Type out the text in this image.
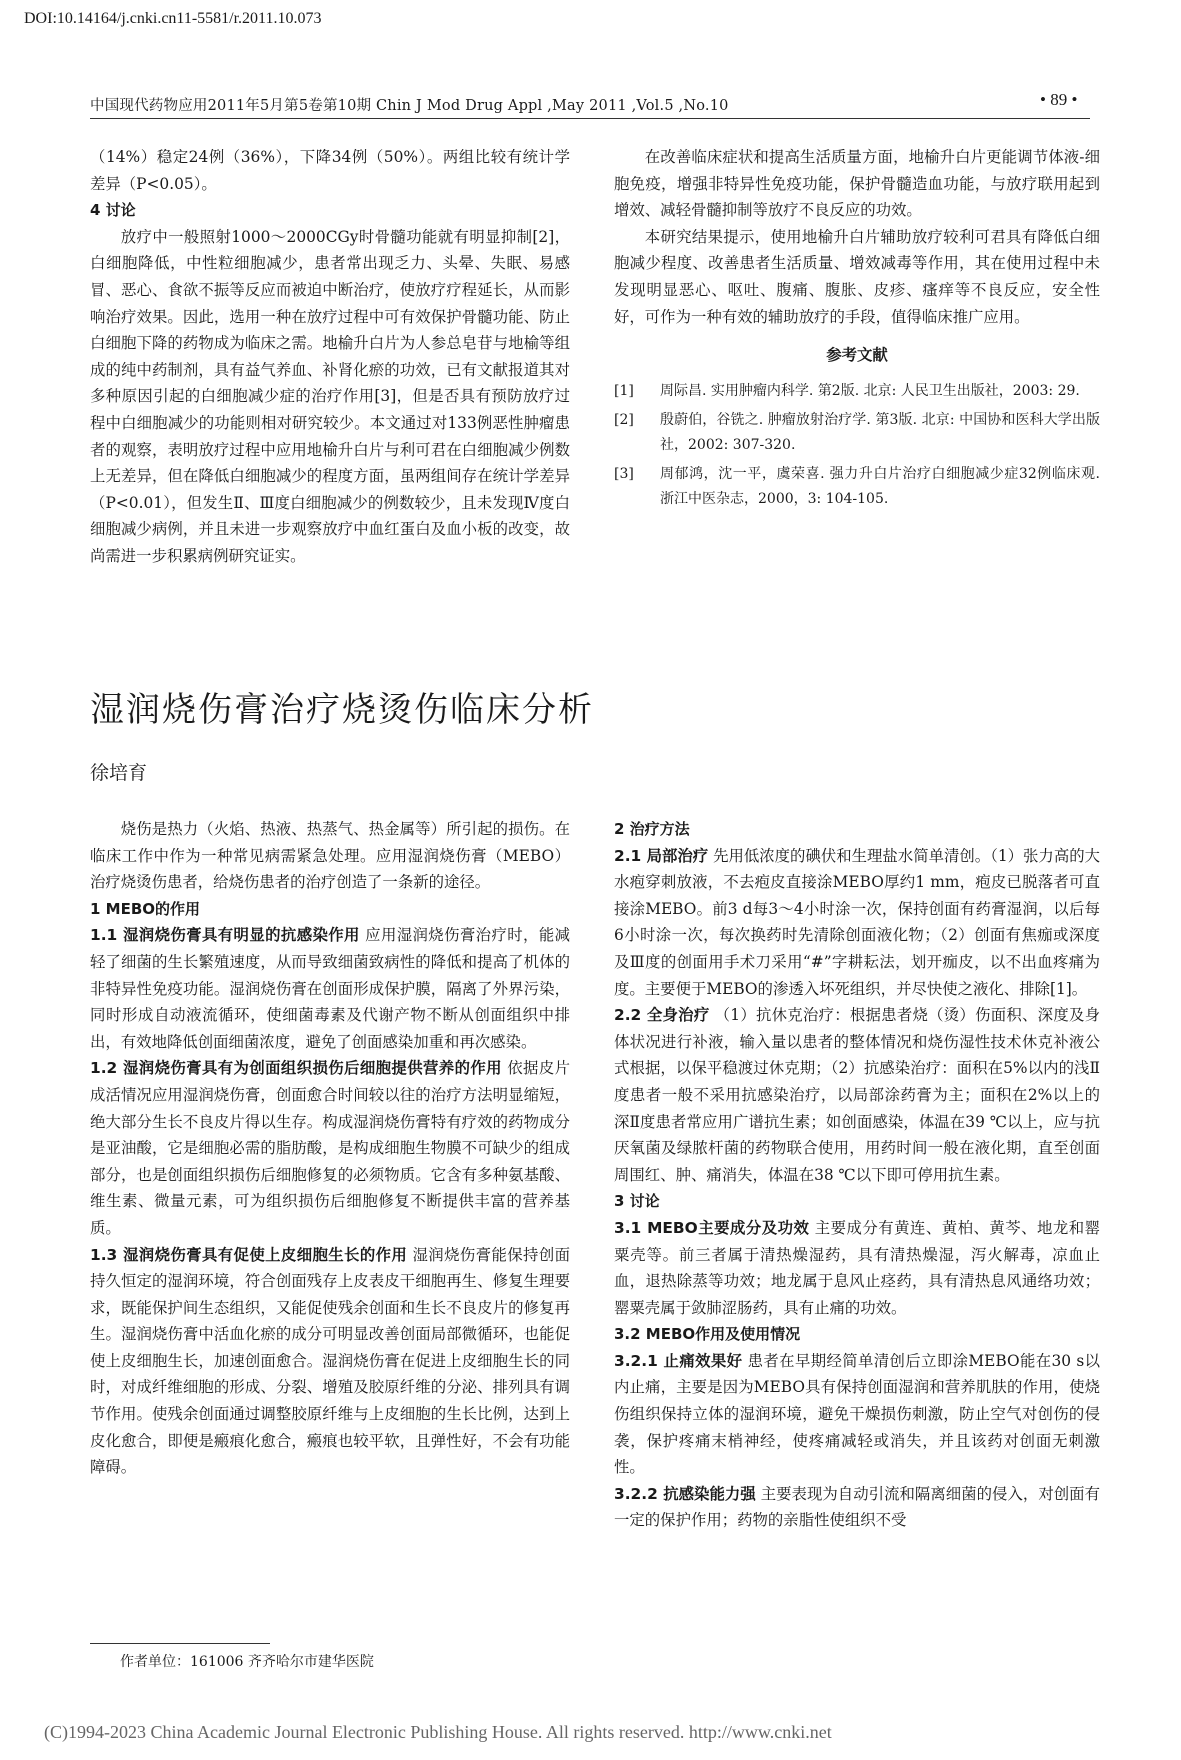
DOI:10.14164/j.cnki.cn11-5581/r.2011.10.073
中国现代药物应用2011年5月第5卷第10期 Chin J Mod Drug Appl ,May 2011 ,Vol.5 ,No.10	• 89 •

（14%）稳定24例（36%），下降34例（50%）。两组比较有统计学差异（P<0.05）。

4 讨论

放疗中一般照射1000～2000CGy时骨髓功能就有明显抑制[2]，白细胞降低，中性粒细胞减少，患者常出现乏力、头晕、失眠、易感冒、恶心、食欲不振等反应而被迫中断治疗，使放疗疗程延长，从而影响治疗效果。因此，选用一种在放疗过程中可有效保护骨髓功能、防止白细胞下降的药物成为临床之需。地榆升白片为人参总皂苷与地榆等组成的纯中药制剂，具有益气养血、补肾化瘀的功效，已有文献报道其对多种原因引起的白细胞减少症的治疗作用[3]，但是否具有预防放疗过程中白细胞减少的功能则相对研究较少。本文通过对133例恶性肿瘤患者的观察，表明放疗过程中应用地榆升白片与利可君在白细胞减少例数上无差异，但在降低白细胞减少的程度方面，虽两组间存在统计学差异（P<0.01），但发生Ⅱ、Ⅲ度白细胞减少的例数较少，且未发现Ⅳ度白细胞减少病例，并且未进一步观察放疗中血红蛋白及血小板的改变，故尚需进一步积累病例研究证实。

在改善临床症状和提高生活质量方面，地榆升白片更能调节体液-细胞免疫，增强非特异性免疫功能，保护骨髓造血功能，与放疗联用起到增效、减轻骨髓抑制等放疗不良反应的功效。

本研究结果提示，使用地榆升白片辅助放疗较利可君具有降低白细胞减少程度、改善患者生活质量、增效减毒等作用，其在使用过程中未发现明显恶心、呕吐、腹痛、腹胀、皮疹、瘙痒等不良反应，安全性好，可作为一种有效的辅助放疗的手段，值得临床推广应用。

参考文献

[1]	周际昌. 实用肿瘤内科学. 第2版. 北京: 人民卫生出版社，2003: 29.
[2]	殷蔚伯，谷铣之. 肿瘤放射治疗学. 第3版. 北京: 中国协和医科大学出版社，2002: 307-320.
[3]	周郁鸿，沈一平，虞荣喜. 强力升白片治疗白细胞减少症32例临床观. 浙江中医杂志，2000，3: 104-105.
湿润烧伤膏治疗烧烫伤临床分析
徐培育

烧伤是热力（火焰、热液、热蒸气、热金属等）所引起的损伤。在临床工作中作为一种常见病需紧急处理。应用湿润烧伤膏（MEBO）治疗烧烫伤患者，给烧伤患者的治疗创造了一条新的途径。

1 MEBO的作用

1.1 湿润烧伤膏具有明显的抗感染作用 应用湿润烧伤膏治疗时，能减轻了细菌的生长繁殖速度，从而导致细菌致病性的降低和提高了机体的非特异性免疫功能。湿润烧伤膏在创面形成保护膜，隔离了外界污染，同时形成自动液流循环，使细菌毒素及代谢产物不断从创面组织中排出，有效地降低创面细菌浓度，避免了创面感染加重和再次感染。

1.2 湿润烧伤膏具有为创面组织损伤后细胞提供营养的作用 依据皮片成活情况应用湿润烧伤膏，创面愈合时间较以往的治疗方法明显缩短，绝大部分生长不良皮片得以生存。构成湿润烧伤膏特有疗效的药物成分是亚油酸，它是细胞必需的脂肪酸，是构成细胞生物膜不可缺少的组成部分，也是创面组织损伤后细胞修复的必须物质。它含有多种氨基酸、维生素、微量元素，可为组织损伤后细胞修复不断提供丰富的营养基质。

1.3 湿润烧伤膏具有促使上皮细胞生长的作用 湿润烧伤膏能保持创面持久恒定的湿润环境，符合创面残存上皮表皮干细胞再生、修复生理要求，既能保护间生态组织，又能促使残余创面和生长不良皮片的修复再生。湿润烧伤膏中活血化瘀的成分可明显改善创面局部微循环，也能促使上皮细胞生长，加速创面愈合。湿润烧伤膏在促进上皮细胞生长的同时，对成纤维细胞的形成、分裂、增殖及胶原纤维的分泌、排列具有调节作用。使残余创面通过调整胶原纤维与上皮细胞的生长比例，达到上皮化愈合，即便是瘢痕化愈合，瘢痕也较平软，且弹性好，不会有功能障碍。

2 治疗方法

2.1 局部治疗 先用低浓度的碘伏和生理盐水简单清创。（1）张力高的大水疱穿刺放液，不去疱皮直接涂MEBO厚约1 mm，疱皮已脱落者可直接涂MEBO。前3 d每3～4小时涂一次，保持创面有药膏湿润，以后每6小时涂一次，每次换药时先清除创面液化物；（2）创面有焦痂或深度及Ⅲ度的创面用手术刀采用“#”字耕耘法，划开痂皮，以不出血疼痛为度。主要便于MEBO的渗透入坏死组织，并尽快使之液化、排除[1]。

2.2 全身治疗 （1）抗休克治疗：根据患者烧（烫）伤面积、深度及身体状况进行补液，输入量以患者的整体情况和烧伤湿性技术休克补液公式根据，以保平稳渡过休克期；（2）抗感染治疗：面积在5%以内的浅Ⅱ度患者一般不采用抗感染治疗，以局部涂药膏为主；面积在2%以上的深Ⅱ度患者常应用广谱抗生素；如创面感染，体温在39 ℃以上，应与抗厌氧菌及绿脓杆菌的药物联合使用，用药时间一般在液化期，直至创面周围红、肿、痛消失，体温在38 ℃以下即可停用抗生素。

3 讨论

3.1 MEBO主要成分及功效 主要成分有黄连、黄柏、黄芩、地龙和罂粟壳等。前三者属于清热燥湿药，具有清热燥湿，泻火解毒，凉血止血，退热除蒸等功效；地龙属于息风止痉药，具有清热息风通络功效；罂粟壳属于敛肺涩肠药，具有止痛的功效。

3.2 MEBO作用及使用情况

3.2.1 止痛效果好 患者在早期经简单清创后立即涂MEBO能在30 s以内止痛，主要是因为MEBO具有保持创面湿润和营养肌肤的作用，使烧伤组织保持立体的湿润环境，避免干燥损伤刺激，防止空气对创伤的侵袭，保护疼痛末梢神经，使疼痛减轻或消失，并且该药对创面无刺激性。

3.2.2 抗感染能力强 主要表现为自动引流和隔离细菌的侵入，对创面有一定的保护作用；药物的亲脂性使组织不受

作者单位：161006 齐齐哈尔市建华医院
(C)1994-2023 China Academic Journal Electronic Publishing House. All rights reserved. http://www.cnki.net
